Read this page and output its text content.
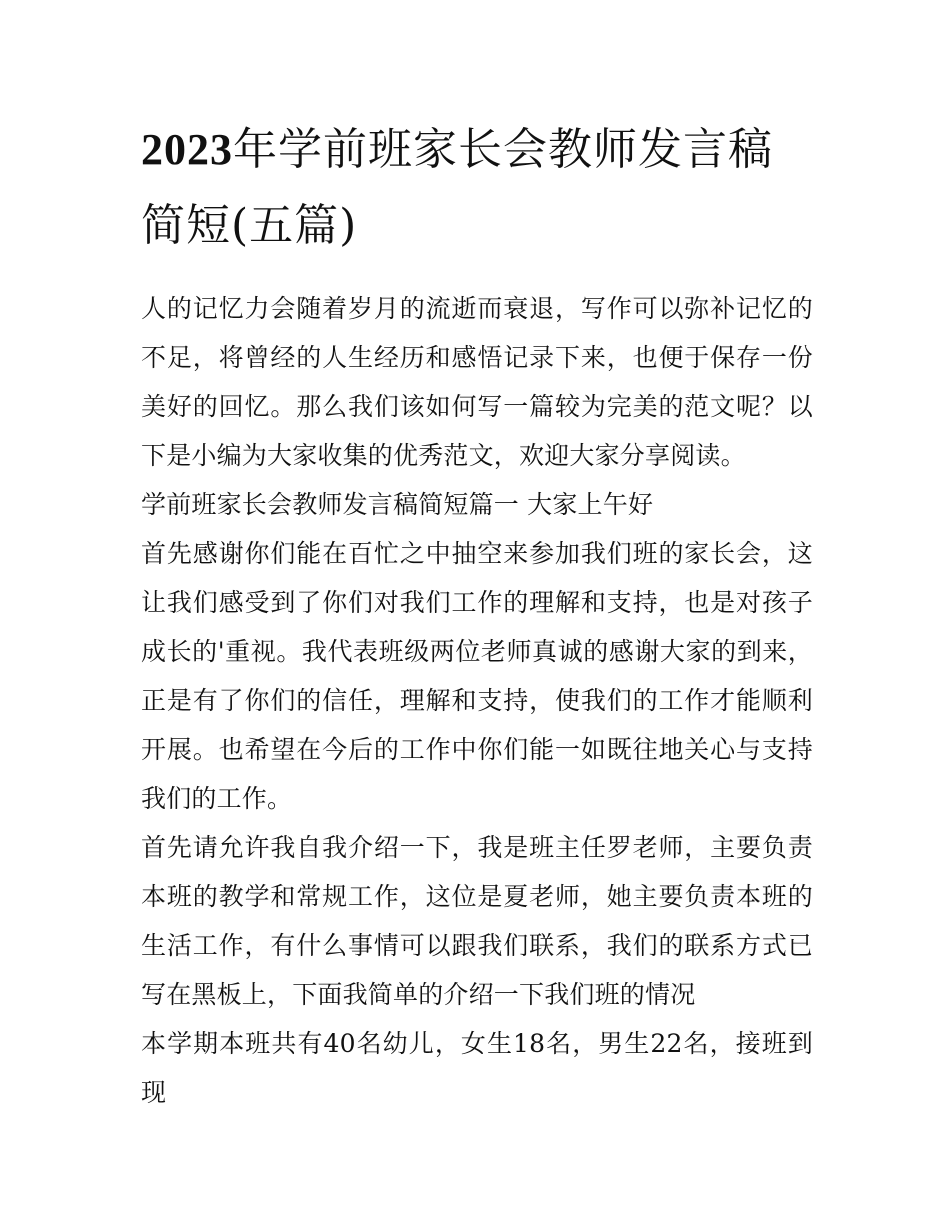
2023年学前班家长会教师发言稿简短(五篇)

人的记忆力会随着岁月的流逝而衰退，写作可以弥补记忆的不足，将曾经的人生经历和感悟记录下来，也便于保存一份美好的回忆。那么我们该如何写一篇较为完美的范文呢？以下是小编为大家收集的优秀范文，欢迎大家分享阅读。

学前班家长会教师发言稿简短篇一 大家上午好

首先感谢你们能在百忙之中抽空来参加我们班的家长会，这让我们感受到了你们对我们工作的理解和支持，也是对孩子成长的'重视。我代表班级两位老师真诚的感谢大家的到来，正是有了你们的信任，理解和支持，使我们的工作才能顺利开展。也希望在今后的工作中你们能一如既往地关心与支持我们的工作。

首先请允许我自我介绍一下，我是班主任罗老师，主要负责本班的教学和常规工作，这位是夏老师，她主要负责本班的生活工作，有什么事情可以跟我们联系，我们的联系方式已写在黑板上，下面我简单的介绍一下我们班的情况

本学期本班共有40名幼儿，女生18名，男生22名，接班到现
